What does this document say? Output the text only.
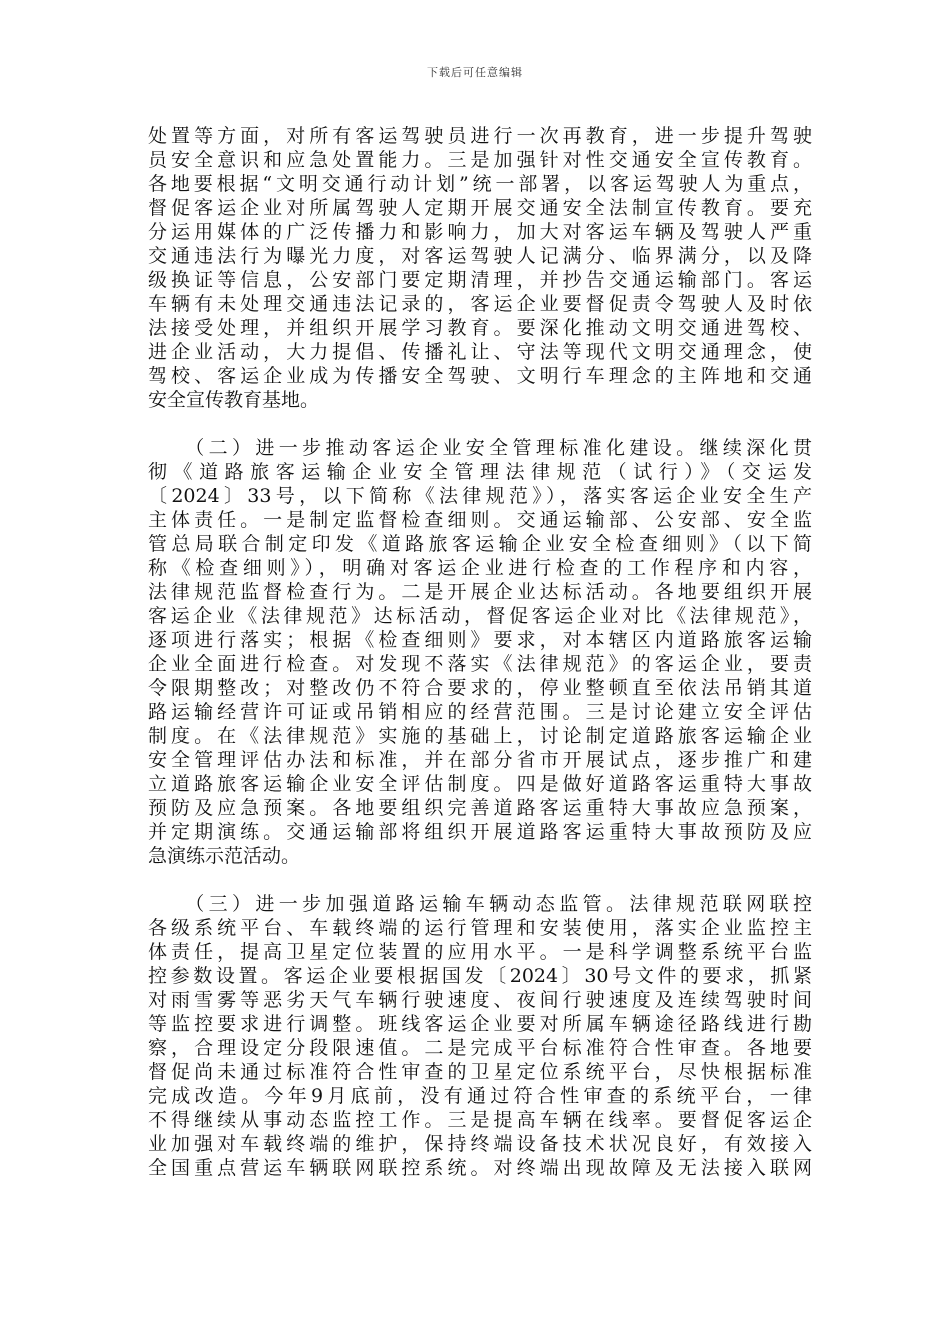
下载后可任意编辑
处置等方面，对所有客运驾驶员进行一次再教育，进一步提升驾驶
员安全意识和应急处置能力。三是加强针对性交通安全宣传教育。
各地要根据“文明交通行动计划”统一部署，以客运驾驶人为重点，
督促客运企业对所属驾驶人定期开展交通安全法制宣传教育。要充
分运用媒体的广泛传播力和影响力，加大对客运车辆及驾驶人严重
交通违法行为曝光力度，对客运驾驶人记满分、临界满分，以及降
级换证等信息，公安部门要定期清理，并抄告交通运输部门。客运
车辆有未处理交通违法记录的，客运企业要督促责令驾驶人及时依
法接受处理，并组织开展学习教育。要深化推动文明交通进驾校、
进企业活动，大力提倡、传播礼让、守法等现代文明交通理念，使
驾校、客运企业成为传播安全驾驶、文明行车理念的主阵地和交通
安全宣传教育基地。
　　（二）进一步推动客运企业安全管理标准化建设。继续深化贯
彻《道路旅客运输企业安全管理法律规范（试行）》（交运发
〔2024〕33号，以下简称《法律规范》），落实客运企业安全生产
主体责任。一是制定监督检查细则。交通运输部、公安部、安全监
管总局联合制定印发《道路旅客运输企业安全检查细则》（以下简
称《检查细则》），明确对客运企业进行检查的工作程序和内容，
法律规范监督检查行为。二是开展企业达标活动。各地要组织开展
客运企业《法律规范》达标活动，督促客运企业对比《法律规范》，
逐项进行落实；根据《检查细则》要求，对本辖区内道路旅客运输
企业全面进行检查。对发现不落实《法律规范》的客运企业，要责
令限期整改；对整改仍不符合要求的，停业整顿直至依法吊销其道
路运输经营许可证或吊销相应的经营范围。三是讨论建立安全评估
制度。在《法律规范》实施的基础上，讨论制定道路旅客运输企业
安全管理评估办法和标准，并在部分省市开展试点，逐步推广和建
立道路旅客运输企业安全评估制度。四是做好道路客运重特大事故
预防及应急预案。各地要组织完善道路客运重特大事故应急预案，
并定期演练。交通运输部将组织开展道路客运重特大事故预防及应
急演练示范活动。
　　（三）进一步加强道路运输车辆动态监管。法律规范联网联控
各级系统平台、车载终端的运行管理和安装使用，落实企业监控主
体责任，提高卫星定位装置的应用水平。一是科学调整系统平台监
控参数设置。客运企业要根据国发〔2024〕30号文件的要求，抓紧
对雨雪雾等恶劣天气车辆行驶速度、夜间行驶速度及连续驾驶时间
等监控要求进行调整。班线客运企业要对所属车辆途径路线进行勘
察，合理设定分段限速值。二是完成平台标准符合性审查。各地要
督促尚未通过标准符合性审查的卫星定位系统平台，尽快根据标准
完成改造。今年9月底前，没有通过符合性审查的系统平台，一律
不得继续从事动态监控工作。三是提高车辆在线率。要督促客运企
业加强对车载终端的维护，保持终端设备技术状况良好，有效接入
全国重点营运车辆联网联控系统。对终端出现故障及无法接入联网
